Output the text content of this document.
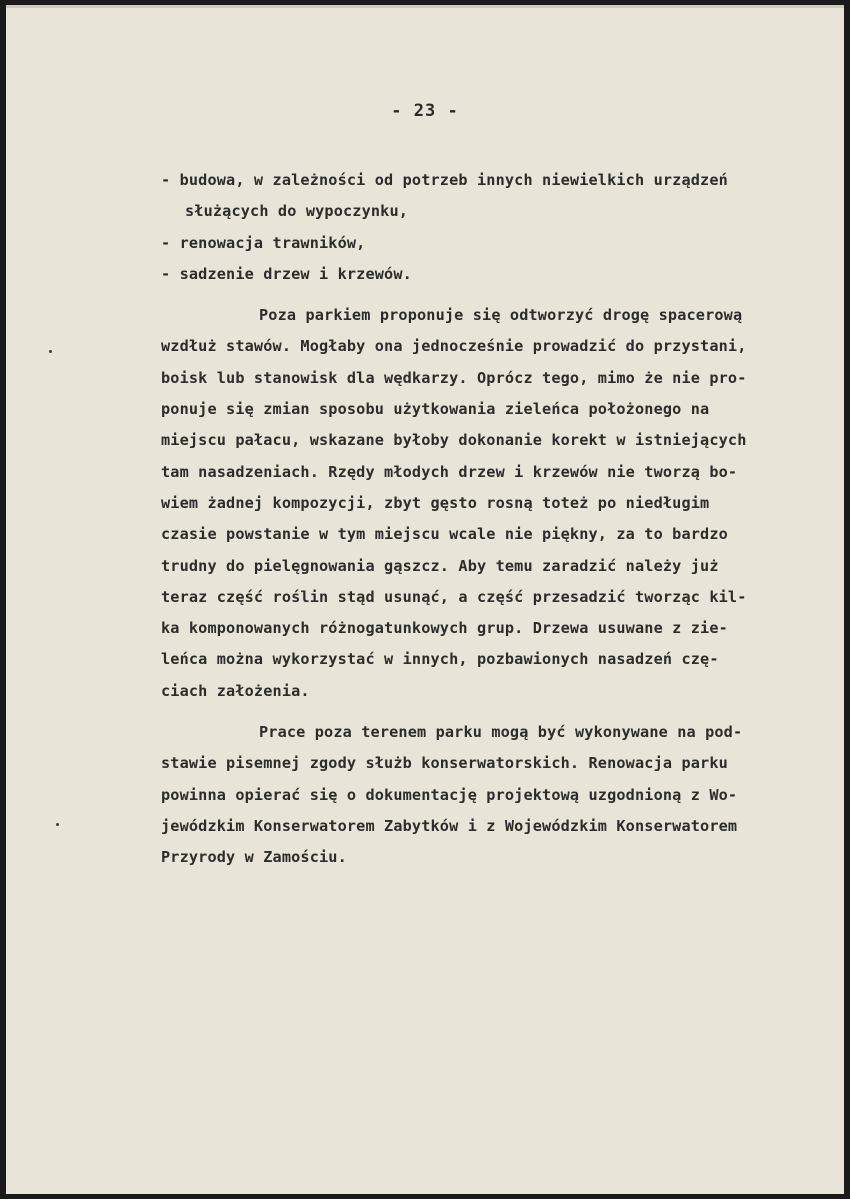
- 23 -
- budowa, w zależności od potrzeb innych niewielkich urządzeń
służących do wypoczynku,
- renowacja trawników,
- sadzenie drzew i krzewów.
Poza parkiem proponuje się odtworzyć drogę spacerową
wzdłuż stawów. Mogłaby ona jednocześnie prowadzić do przystani,
boisk lub stanowisk dla wędkarzy. Oprócz tego, mimo że nie pro-
ponuje się zmian sposobu użytkowania zieleńca położonego na
miejscu pałacu, wskazane byłoby dokonanie korekt w istniejących
tam nasadzeniach. Rzędy młodych drzew i krzewów nie tworzą bo-
wiem żadnej kompozycji, zbyt gęsto rosną toteż po niedługim
czasie powstanie w tym miejscu wcale nie piękny, za to bardzo
trudny do pielęgnowania gąszcz. Aby temu zaradzić należy już
teraz część roślin stąd usunąć, a część przesadzić tworząc kil-
ka komponowanych różnogatunkowych grup. Drzewa usuwane z zie-
leńca można wykorzystać w innych, pozbawionych nasadzeń czę-
ciach założenia.
Prace poza terenem parku mogą być wykonywane na pod-
stawie pisemnej zgody służb konserwatorskich. Renowacja parku
powinna opierać się o dokumentację projektową uzgodnioną z Wo-
jewódzkim Konserwatorem Zabytków i z Wojewódzkim Konserwatorem
Przyrody w Zamościu.
